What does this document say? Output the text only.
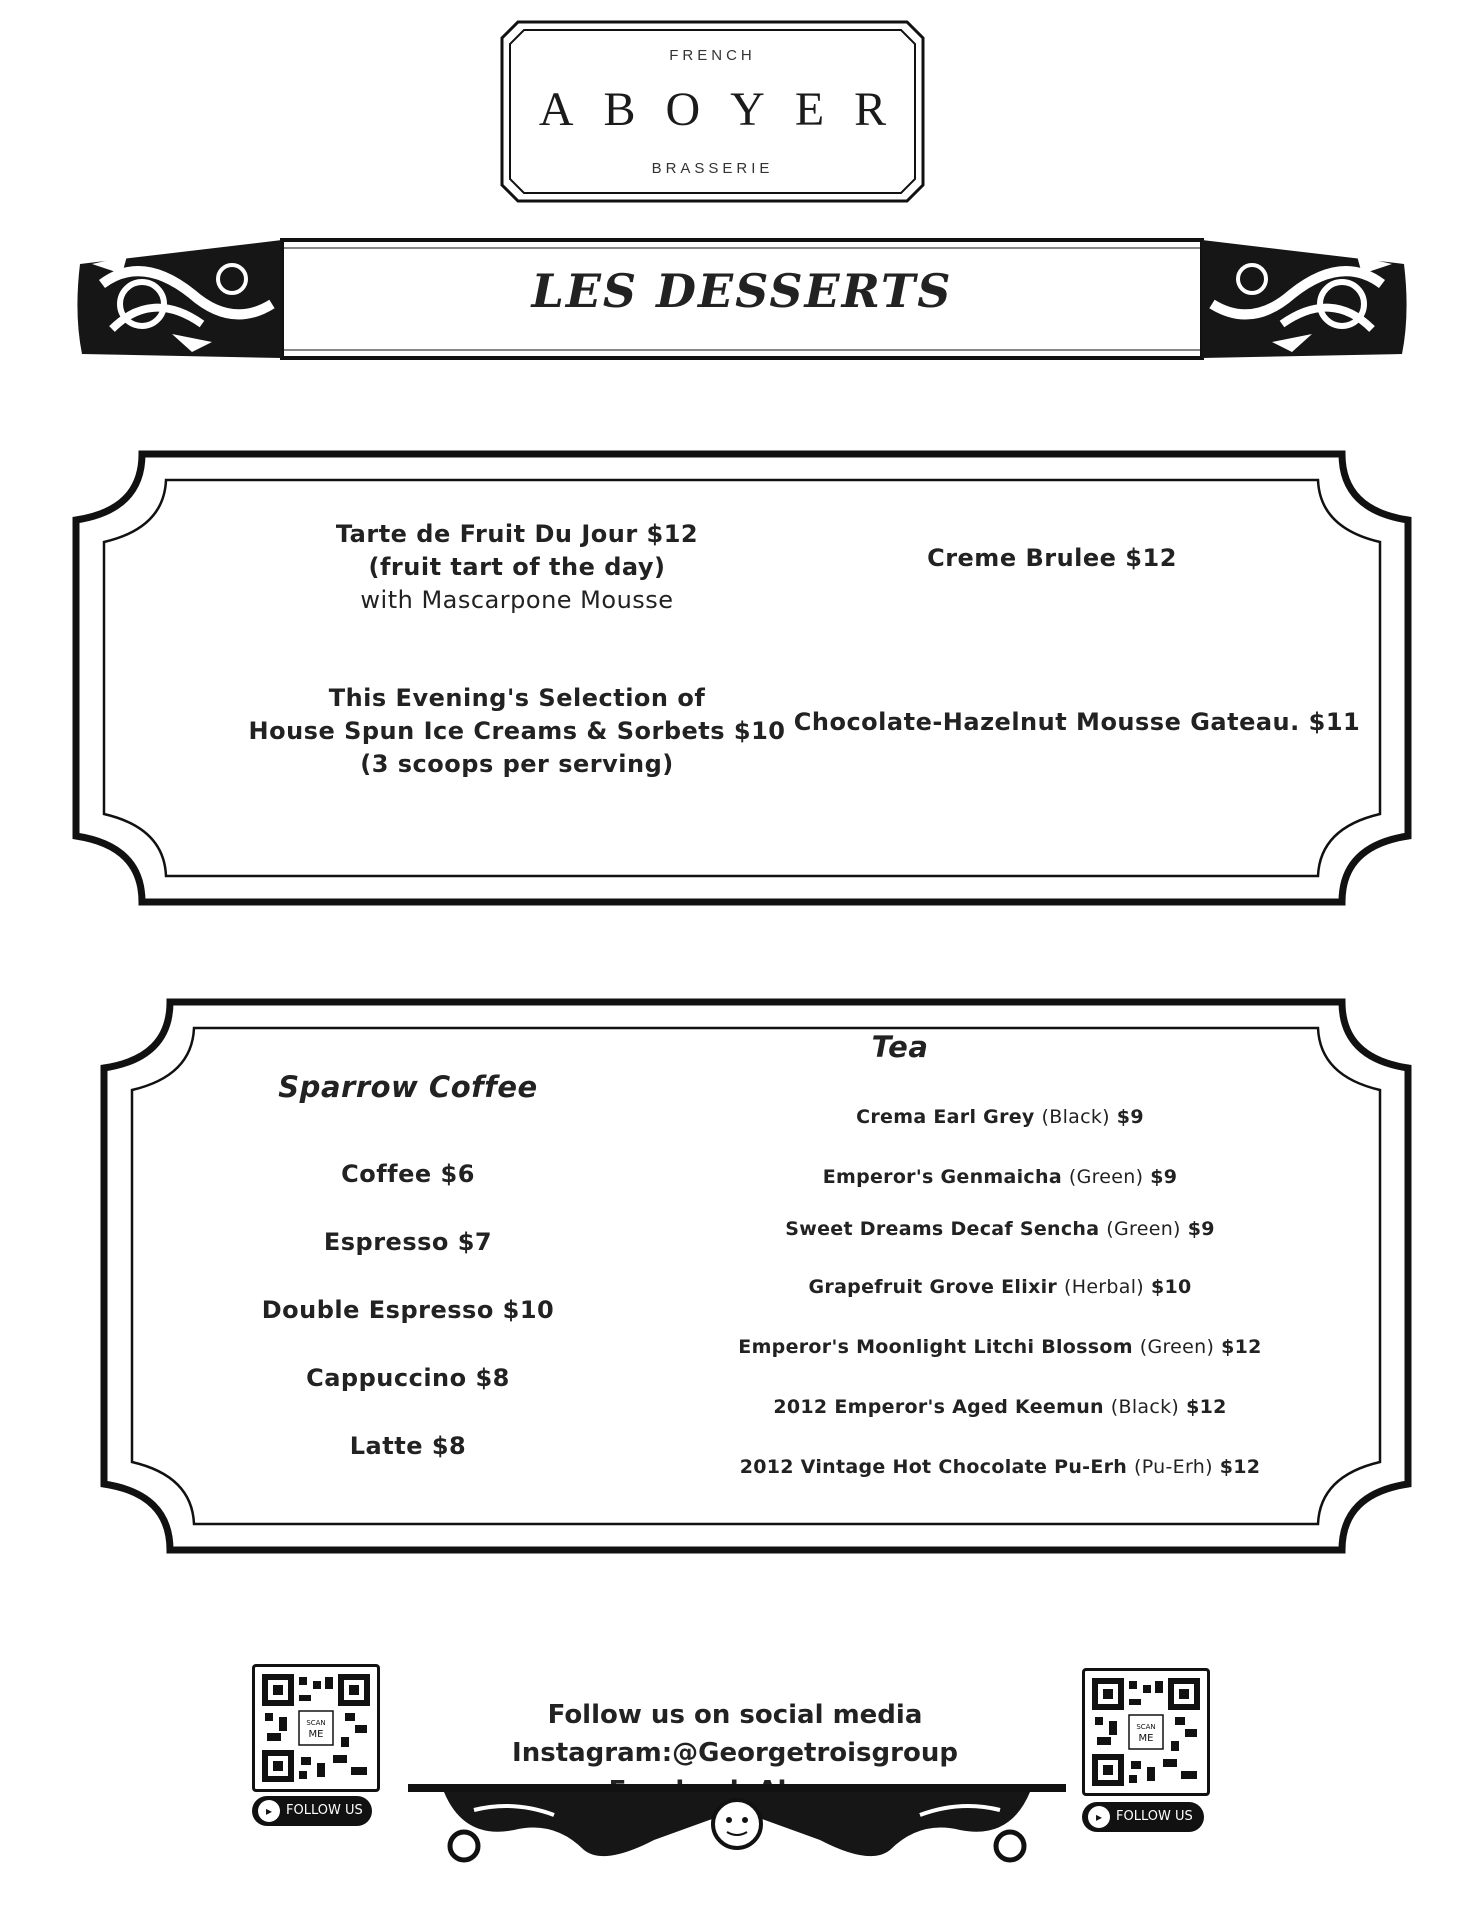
FRENCH
ABOYER
BRASSERIE
LES DESSERTS
Tarte de Fruit Du Jour $12
(fruit tart of the day)
with Mascarpone Mousse
Creme Brulee $12
This Evening's Selection of
House Spun Ice Creams & Sorbets $10
(3 scoops per serving)
Chocolate-Hazelnut Mousse Gateau. $11
Sparrow Coffee
Coffee $6
Espresso $7
Double Espresso $10
Cappuccino $8
Latte $8
Tea
Crema Earl Grey (Black) $9
Emperor's Genmaicha (Green) $9
Sweet Dreams Decaf Sencha (Green) $9
Grapefruit Grove Elixir (Herbal) $10
Emperor's Moonlight Litchi Blossom (Green) $12
2012 Emperor's Aged Keemun (Black) $12
2012 Vintage Hot Chocolate Pu-Erh (Pu-Erh) $12
SCAN
ME
▸ FOLLOW US
SCAN
ME
▸ FOLLOW US
Follow us on social media
Instagram:@Georgetroisgroup
